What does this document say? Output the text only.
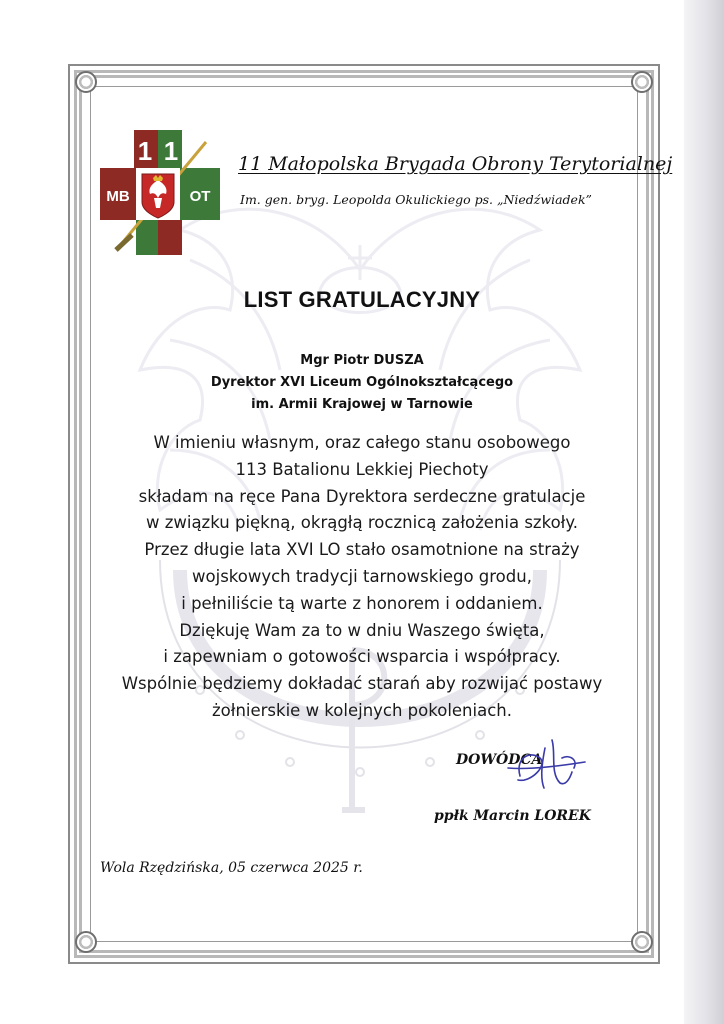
1 1
MB	OT
11 Małopolska Brygada Obrony Terytorialnej
Im. gen. bryg. Leopolda Okulickiego ps. „Niedźwiadek”
LIST GRATULACYJNY
Mgr Piotr DUSZA
Dyrektor XVI Liceum Ogólnokształcącego
im. Armii Krajowej w Tarnowie
W imieniu własnym, oraz całego stanu osobowego
113 Batalionu Lekkiej Piechoty
składam na ręce Pana Dyrektora serdeczne gratulacje
w związku piękną, okrągłą rocznicą założenia szkoły.
Przez długie lata XVI LO stało osamotnione na straży
wojskowych tradycji tarnowskiego grodu,
i pełniliście tą warte z honorem i oddaniem.
Dziękuję Wam za to w dniu Waszego święta,
i zapewniam o gotowości wsparcia i współpracy.
Wspólnie będziemy dokładać starań aby rozwijać postawy
żołnierskie w kolejnych pokoleniach.
DOWÓDCA
ppłk Marcin LOREK
Wola Rzędzińska, 05 czerwca 2025 r.
